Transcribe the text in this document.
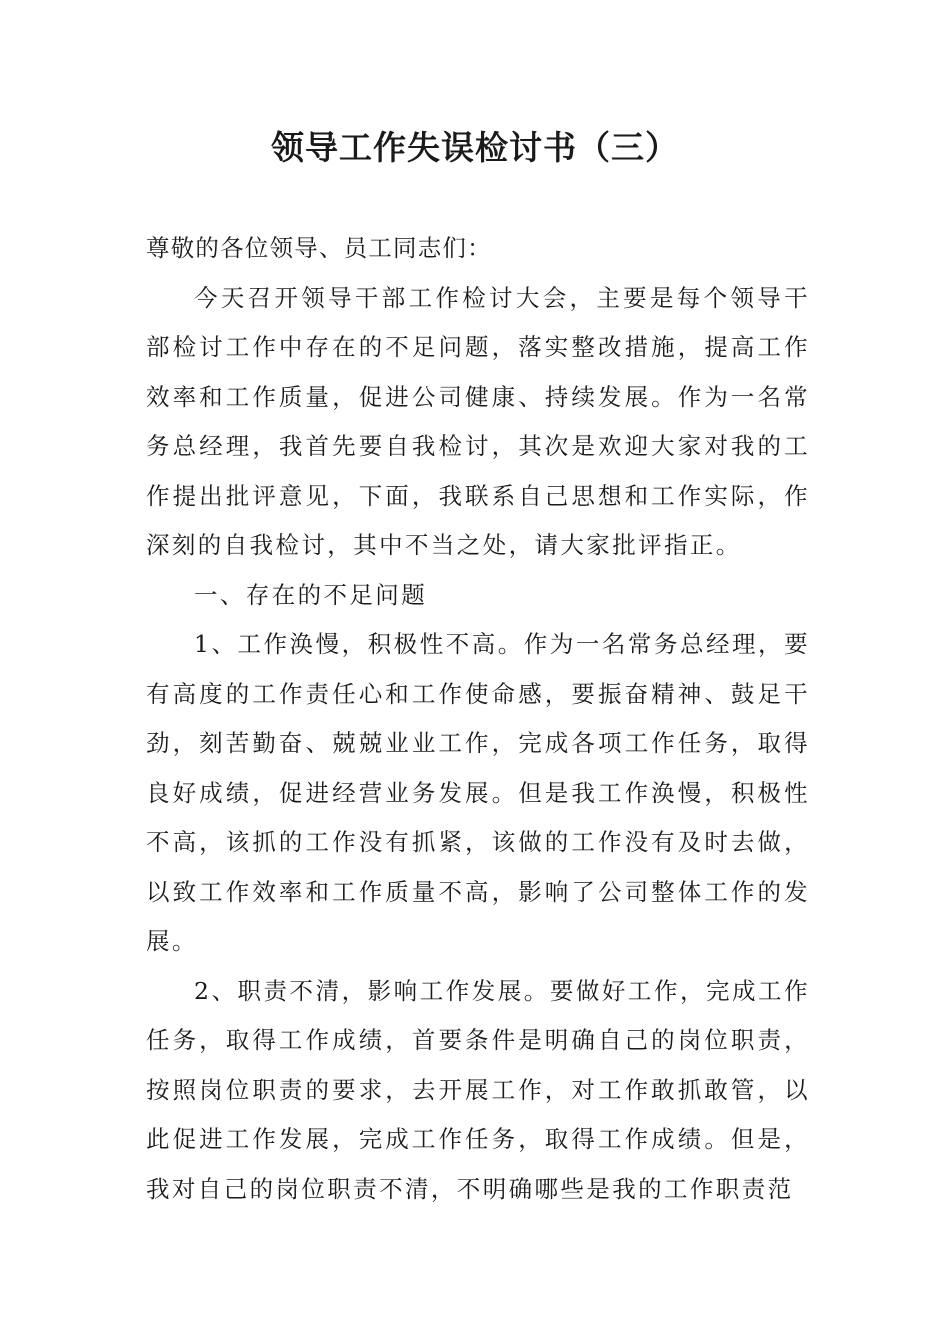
领导工作失误检讨书（三）

尊敬的各位领导、员工同志们：

今天召开领导干部工作检讨大会，主要是每个领导干部检讨工作中存在的不足问题，落实整改措施，提高工作效率和工作质量，促进公司健康、持续发展。作为一名常务总经理，我首先要自我检讨，其次是欢迎大家对我的工作提出批评意见，下面，我联系自己思想和工作实际，作深刻的自我检讨，其中不当之处，请大家批评指正。

一、存在的不足问题

1、工作涣慢，积极性不高。作为一名常务总经理，要有高度的工作责任心和工作使命感，要振奋精神、鼓足干劲，刻苦勤奋、兢兢业业工作，完成各项工作任务，取得良好成绩，促进经营业务发展。但是我工作涣慢，积极性不高，该抓的工作没有抓紧，该做的工作没有及时去做，以致工作效率和工作质量不高，影响了公司整体工作的发展。

2、职责不清，影响工作发展。要做好工作，完成工作任务，取得工作成绩，首要条件是明确自己的岗位职责，按照岗位职责的要求，去开展工作，对工作敢抓敢管，以此促进工作发展，完成工作任务，取得工作成绩。但是，我对自己的岗位职责不清，不明确哪些是我的工作职责范
